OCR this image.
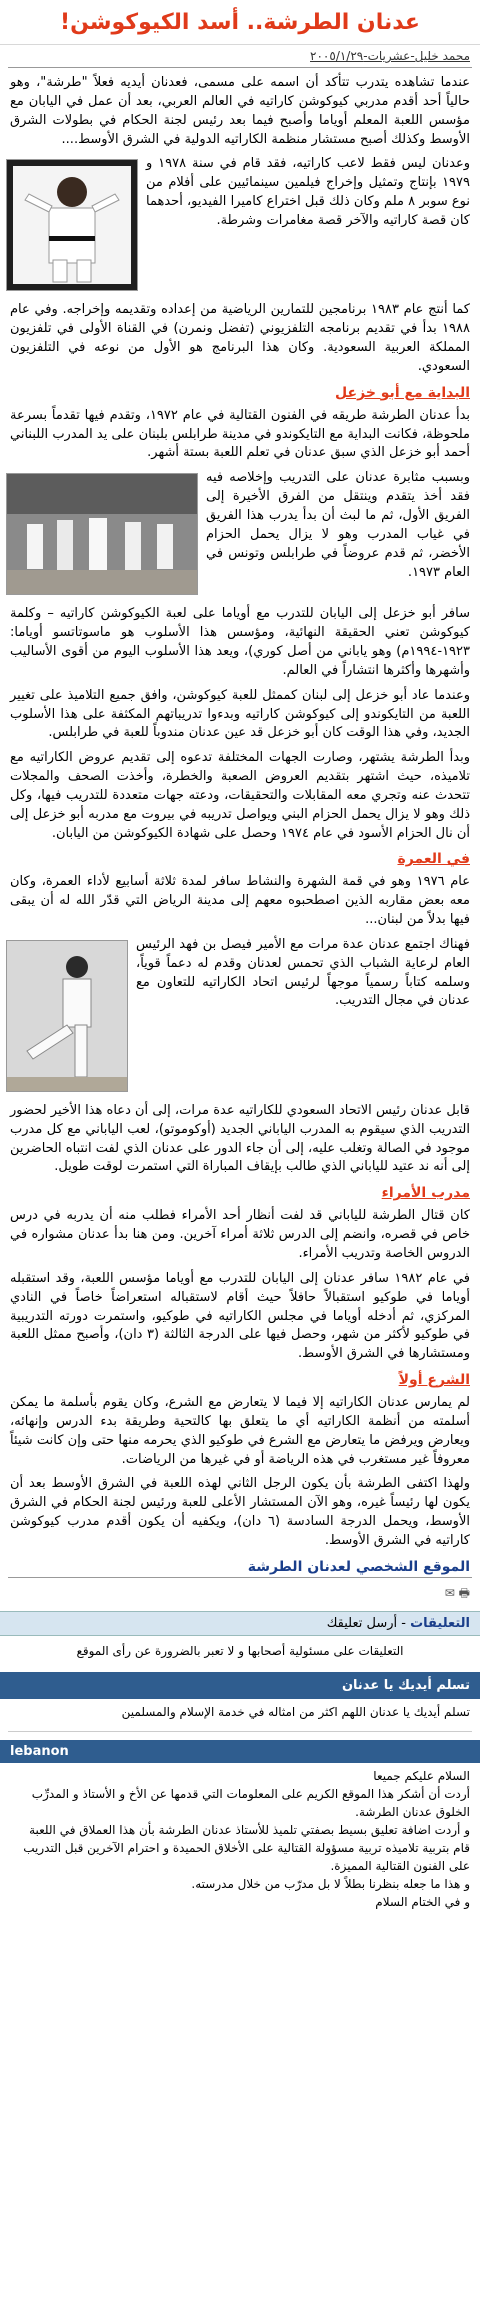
عدنان الطرشة.. أسد الكيوكوشن!
محمد خليل-عشريات-٢٠٠٥/١/٢٩

عندما تشاهده يتدرب تتأكد أن اسمه على مسمى، فعدنان أيديه فعلاً "طرشة"، وهو حالياً أحد أقدم مدربي كيوكوشن كاراتيه في العالم العربي، بعد أن عمل في اليابان مع مؤسس اللعبة المعلم أوياما وأصبح فيما بعد رئيس لجنة الحكام في بطولات الشرق الأوسط وكذلك أصبح مستشار منظمة الكاراتيه الدولية في الشرق الأوسط....

وعدنان ليس فقط لاعب كاراتيه، فقد قام في سنة ١٩٧٨ و ١٩٧٩ بإنتاج وتمثيل وإخراج فيلمين سينمائيين على أفلام من نوع سوبر ٨ ملم وكان ذلك قبل اختراع كاميرا الفيديو، أحدهما كان قصة كاراتيه والآخر قصة مغامرات وشرطة.

كما أنتج عام ١٩٨٣ برنامجين للتمارين الرياضية من إعداده وتقديمه وإخراجه. وفي عام ١٩٨٨ بدأ في تقديم برنامجه التلفزيوني (تفضل ونمرن) في القناة الأولى في تلفزيون المملكة العربية السعودية. وكان هذا البرنامج هو الأول من نوعه في التلفزيون السعودي.

البداية مع أبو خزعل

بدأ عدنان الطرشة طريقه في الفنون القتالية في عام ١٩٧٢، وتقدم فيها تقدماً بسرعة ملحوظة، فكانت البداية مع التايكوندو في مدينة طرابلس بلبنان على يد المدرب اللبناني أحمد أبو خزعل الذي سبق عدنان في تعلم اللعبة بستة أشهر.

وبسبب مثابرة عدنان على التدريب وإخلاصه فيه فقد أخذ يتقدم وينتقل من الفرق الأخيرة إلى الفريق الأول، ثم ما لبث أن بدأ يدرب هذا الفريق في غياب المدرب وهو لا يزال يحمل الحزام الأخضر، ثم قدم عروضاً في طرابلس وتونس في العام ١٩٧٣.

سافر أبو خزعل إلى اليابان للتدرب مع أوياما على لعبة الكيوكوشن كاراتيه – وكلمة كيوكوشن تعني الحقيقة النهائية، ومؤسس هذا الأسلوب هو ماسوتاتسو أوياما: ١٩٢٣-١٩٩٤م) وهو ياباني من أصل كوري)، ويعد هذا الأسلوب اليوم من أقوى الأساليب وأشهرها وأكثرها انتشاراً في العالم.

وعندما عاد أبو خزعل إلى لبنان كممثل للعبة كيوكوشن، وافق جميع التلاميذ على تغيير اللعبة من التايكوندو إلى كيوكوشن كاراتيه وبدءوا تدريباتهم المكثفة على هذا الأسلوب الجديد، وفي هذا الوقت كان أبو خزعل قد عين عدنان مندوباً للعبة في طرابلس.

وبدأ الطرشة يشتهر، وصارت الجهات المختلفة تدعوه إلى تقديم عروض الكاراتيه مع تلاميذه، حيث اشتهر بتقديم العروض الصعبة والخطرة، وأخذت الصحف والمجلات تتحدث عنه وتجري معه المقابلات والتحقيقات، ودعته جهات متعددة للتدريب فيها، وكل ذلك وهو لا يزال يحمل الحزام البني ويواصل تدريبه في بيروت مع مدربه أبو خزعل إلى أن نال الحزام الأسود في عام ١٩٧٤ وحصل على شهادة الكيوكوشن من اليابان.

في العمرة

عام ١٩٧٦ وهو في قمة الشهرة والنشاط سافر لمدة ثلاثة أسابيع لأداء العمرة، وكان معه بعض مقاربه الذين اصطحبوه معهم إلى مدينة الرياض التي قدّر الله له أن يبقى فيها بدلاً من لبنان...

فهناك اجتمع عدنان عدة مرات مع الأمير فيصل بن فهد الرئيس العام لرعاية الشباب الذي تحمس لعدنان وقدم له دعماً قوياً، وسلمه كتاباً رسمياً موجهاً لرئيس اتحاد الكاراتيه للتعاون مع عدنان في مجال التدريب.

قابل عدنان رئيس الاتحاد السعودي للكاراتيه عدة مرات، إلى أن دعاه هذا الأخير لحضور التدريب الذي سيقوم به المدرب الياباني الجديد (أوكوموتو)، لعب الياباني مع كل مدرب موجود في الصالة وتغلب عليه، إلى أن جاء الدور على عدنان الذي لفت انتباه الحاضرين إلى أنه ند عتيد للياباني الذي طالب بإيقاف المباراة التي استمرت لوقت طويل.

مدرب الأمراء

كان قتال الطرشة للياباني قد لفت أنظار أحد الأمراء فطلب منه أن يدربه في درس خاص في قصره، وانضم إلى الدرس ثلاثة أمراء آخرين. ومن هنا بدأ عدنان مشواره في الدروس الخاصة وتدريب الأمراء.

في عام ١٩٨٢ سافر عدنان إلى اليابان للتدرب مع أوياما مؤسس اللعبة، وقد استقبله أوياما في طوكيو استقبالاً حافلاً حيث أقام لاستقباله استعراضاً خاصاً في النادي المركزي، ثم أدخله أوياما في مجلس الكاراتيه في طوكيو، واستمرت دورته التدريبية في طوكيو لأكثر من شهر، وحصل فيها على الدرجة الثالثة (٣ دان)، وأصبح ممثل اللعبة ومستشارها في الشرق الأوسط.

الشرع أولاً

لم يمارس عدنان الكاراتيه إلا فيما لا يتعارض مع الشرع، وكان يقوم بأسلمة ما يمكن أسلمته من أنظمة الكاراتيه أي ما يتعلق بها كالتحية وطريقة بدء الدرس وإنهائه، ويعارض ويرفض ما يتعارض مع الشرع في طوكيو الذي يحرمه منها حتى وإن كانت شيئاً معروفاً غير مستغرب في هذه الرياضة أو في غيرها من الرياضات.

ولهذا اكتفى الطرشة بأن يكون الرجل الثاني لهذه اللعبة في الشرق الأوسط بعد أن يكون لها رئيساً غيره، وهو الآن المستشار الأعلى للعبة ورئيس لجنة الحكام في الشرق الأوسط، ويحمل الدرجة السادسة (٦ دان)، ويكفيه أن يكون أقدم مدرب كيوكوشن كاراتيه في الشرق الأوسط.

الموقع الشخصي لعدنان الطرشة
🖶 ✉
التعليقات - أرسل تعليقك
التعليقات على مسئولية أصحابها و لا تعبر بالضرورة عن رأى الموقع
تسلم أيديك يا عدنان
تسلم أيديك يا عدنان اللهم اكثر من امثاله في خدمة الإسلام والمسلمين
lebanon
السلام عليكم جميعا
أردت أن أشكر هذا الموقع الكريم على المعلومات التي قدمها عن الأخ و الأستاذ و المدرِّب الخلوق عدنان الطرشة.
و أردت اضافة تعليق بسيط بصفتي تلميذ للأستاذ عدنان الطرشة بأن هذا العملاق في اللعبة قام بتربية تلاميذه تربية مسؤولة القتالية على الأخلاق الحميدة و احترام الآخرين قبل التدريب على الفنون القتالية المميزة.
و هذا ما جعله بنظرنا بطلاً لا بل مدرّب من خلال مدرسته.
و في الختام السلام
